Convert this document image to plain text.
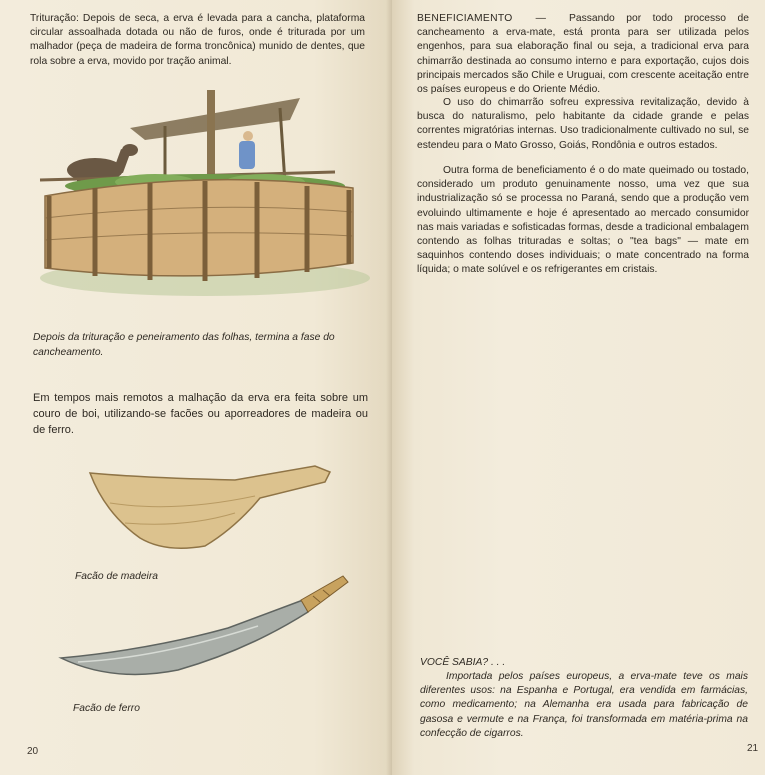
Trituração: Depois de seca, a erva é levada para a cancha, plataforma circular assoalhada dotada ou não de furos, onde é triturada por um malhador (peça de madeira de forma troncônica) munido de dentes, que rola sobre a erva, movido por tração animal.

Depois da trituração e peneiramento das folhas, termina a fase do cancheamento.

Em tempos mais remotos a malhação da erva era feita sobre um couro de boi, utilizando-se facões ou aporreadores de madeira ou de ferro.

Facão de madeira

Facão de ferro

20

BENEFICIAMENTO  —  Passando por todo processo de cancheamento a erva-mate, está pronta para ser utilizada pelos engenhos, para sua elaboração final ou seja, a tradicional erva para chimarrão destinada ao consumo interno e para exportação, cujos dois principais mercados são Chile e Uruguai, com crescente aceitação entre os países europeus e do Oriente Médio.

O uso do chimarrão sofreu expressiva revitalização, devido à busca do naturalismo, pelo habitante da cidade grande e pelas correntes migratórias internas. Uso tradicionalmente cultivado no sul, se estendeu para o Mato Grosso, Goiás, Rondônia e outros estados.

Outra forma de beneficiamento é o do mate queimado ou tostado, considerado um produto genuinamente nosso, uma vez que sua industrialização só se processa no Paraná, sendo que a produção vem evoluindo ultimamente e hoje é apresentado ao mercado consumidor nas mais variadas e sofisticadas formas, desde a tradicional embalagem contendo as folhas trituradas e soltas; o "tea bags" — mate em saquinhos contendo doses individuais; o mate concentrado na forma líquida; o mate solúvel e os refrigerantes em cristais.

VOCÊ SABIA? . . .

Importada pelos países europeus, a erva-mate teve os mais diferentes usos: na Espanha e Portugal, era vendida em farmácias, como medicamento; na Alemanha era usada para fabricação de gasosa e vermute e na França, foi transformada em matéria-prima na confecção de cigarros.

21
